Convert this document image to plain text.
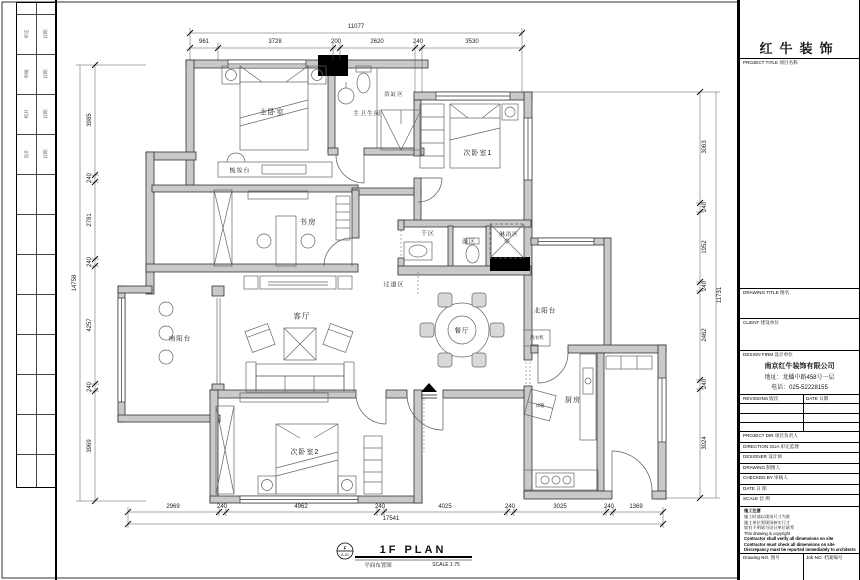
审定	日期
审核	日期
校对	日期
设计	日期
主卧室	主卫生间
浴缸区
次卧室1
干区
湿区
淋浴区
梳妆台
书房
过道区
客厅
南阳台
餐厅
北阳台
洗衣机
厨房
冰箱
次卧室2
961	3728	200	2620	240	3530
11077
2969	240	4962	240	4025	240	3025	240	1369
17541
3985
240
2781
240
4257
240
3969
14758
3063
240
1952
240
2462
240
3024
11731
F
A-01	1F PLAN
平面布置图	SCALE 1:75
红牛装饰
PROJECT TITLE 项目名称
DRAWING TITLE 图名
CLIENT 建设单位
DESIGN FIRM 设计单位
南京红牛装饰有限公司
地址：龙蟠中路458号一层
电话：025-52228155
REVISIONS 版次	DATE 日期
PROJECT DIR 项目负责人
DIRECTION GUA 审定监理
DESIGNER 设计师
DRAWING 制图人
CHECKED BY 审核人
DATE 日 期
SCALE 比 例
施工注意
施工时请以现场尺寸为准
施工单位须现场核实尺寸
如有不明请与设计单位联系
This drawing is copyright
Contractor shall verify all dimensions on site
Contractor must check all dimensions on site
Discrepancy must be reported immediately to architects
Drawing NO. 图号	Job NO. 档案编号
